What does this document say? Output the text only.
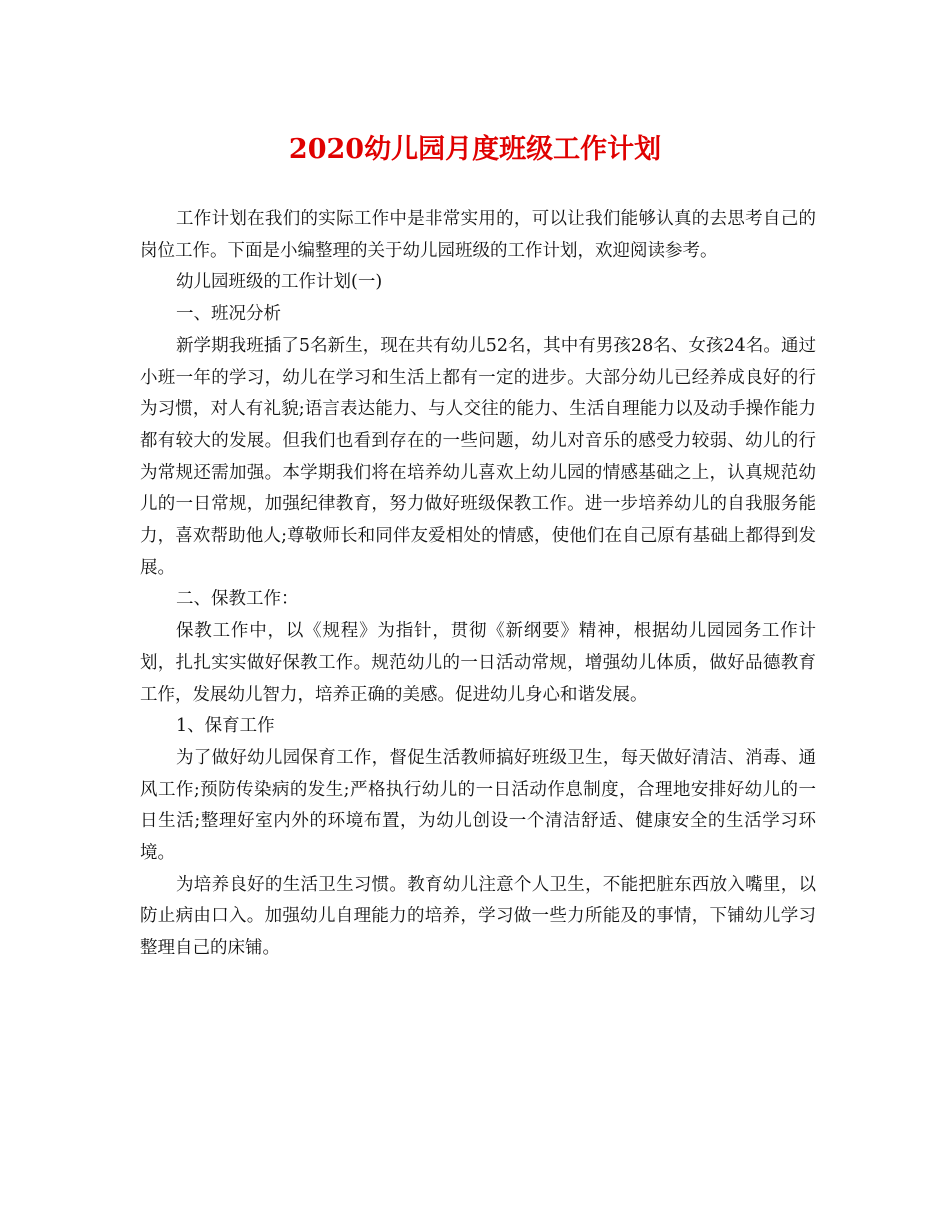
2020幼儿园月度班级工作计划

工作计划在我们的实际工作中是非常实用的，可以让我们能够认真的去思考自己的岗位工作。下面是小编整理的关于幼儿园班级的工作计划，欢迎阅读参考。

幼儿园班级的工作计划(一)

一、班况分析

新学期我班插了5名新生，现在共有幼儿52名，其中有男孩28名、女孩24名。通过小班一年的学习，幼儿在学习和生活上都有一定的进步。大部分幼儿已经养成良好的行为习惯，对人有礼貌;语言表达能力、与人交往的能力、生活自理能力以及动手操作能力都有较大的发展。但我们也看到存在的一些问题，幼儿对音乐的感受力较弱、幼儿的行为常规还需加强。本学期我们将在培养幼儿喜欢上幼儿园的情感基础之上，认真规范幼儿的一日常规，加强纪律教育，努力做好班级保教工作。进一步培养幼儿的自我服务能力，喜欢帮助他人;尊敬师长和同伴友爱相处的情感，使他们在自己原有基础上都得到发展。

二、保教工作：

保教工作中，以《规程》为指针，贯彻《新纲要》精神，根据幼儿园园务工作计划，扎扎实实做好保教工作。规范幼儿的一日活动常规，增强幼儿体质，做好品德教育工作，发展幼儿智力，培养正确的美感。促进幼儿身心和谐发展。

1、保育工作

为了做好幼儿园保育工作，督促生活教师搞好班级卫生，每天做好清洁、消毒、通风工作;预防传染病的发生;严格执行幼儿的一日活动作息制度，合理地安排好幼儿的一日生活;整理好室内外的环境布置，为幼儿创设一个清洁舒适、健康安全的生活学习环境。

为培养良好的生活卫生习惯。教育幼儿注意个人卫生，不能把脏东西放入嘴里，以防止病由口入。加强幼儿自理能力的培养，学习做一些力所能及的事情，下铺幼儿学习整理自己的床铺。
